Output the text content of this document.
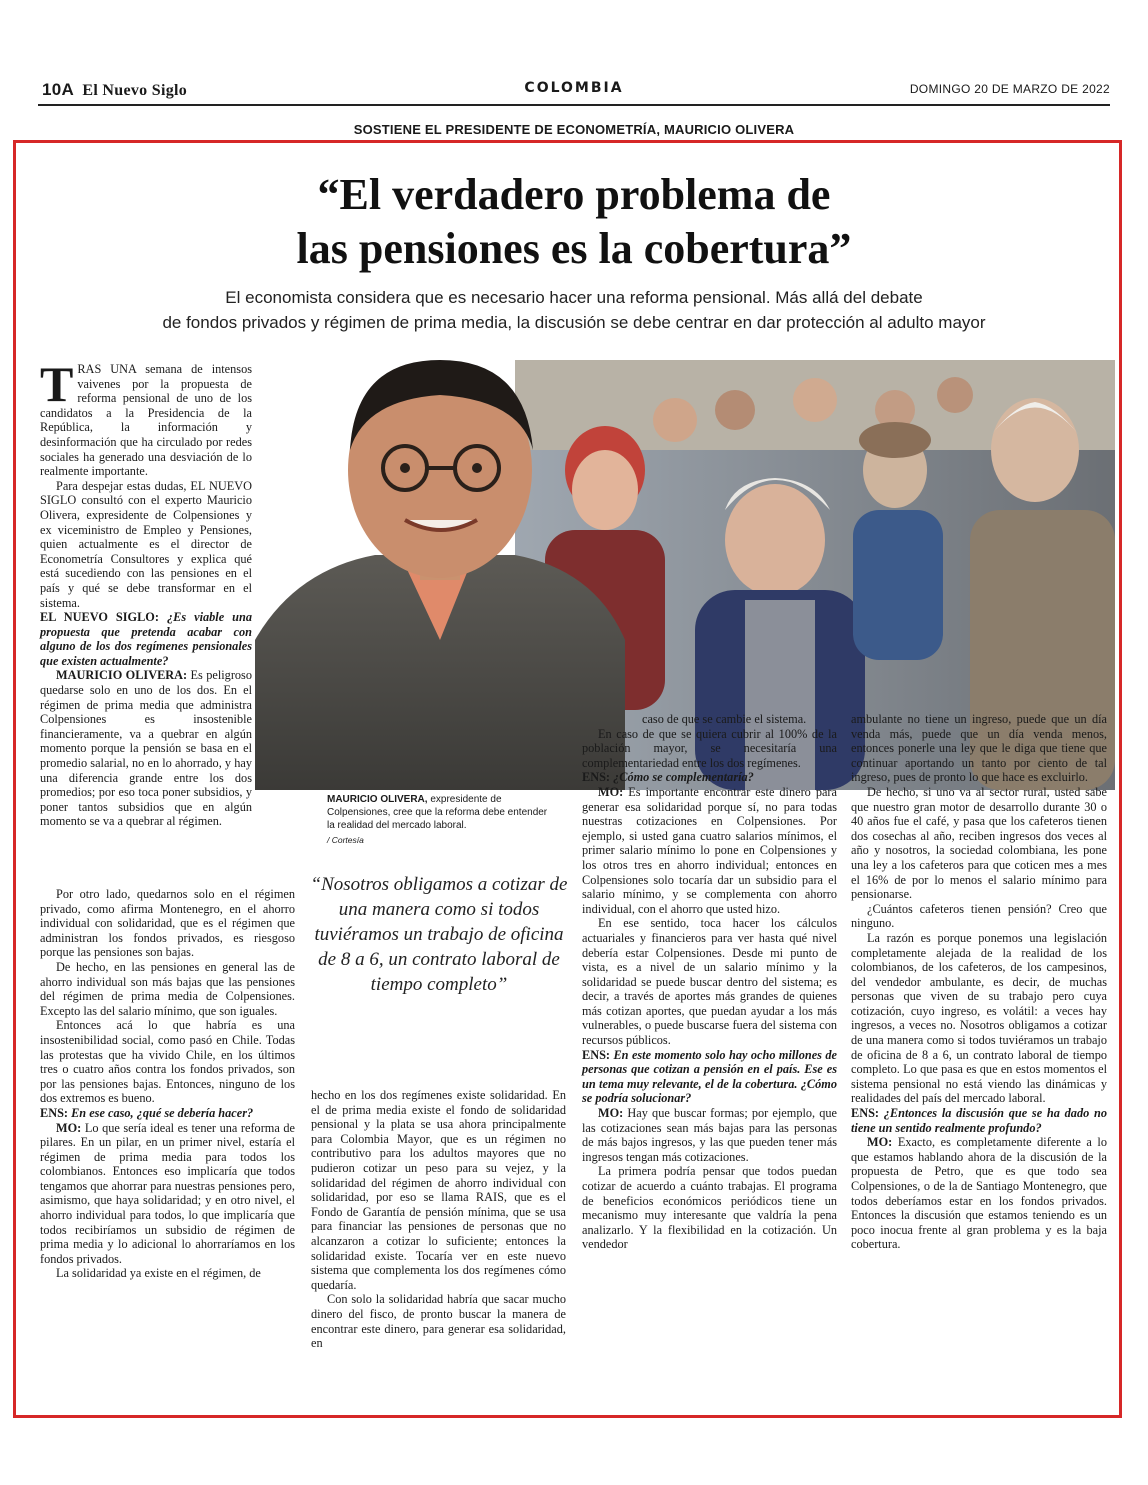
10A El Nuevo Siglo	COLOMBIA	DOMINGO 20 DE MARZO DE 2022
SOSTIENE EL PRESIDENTE DE ECONOMETRÍA, MAURICIO OLIVERA
“El verdadero problema de
las pensiones es la cobertura”
El economista considera que es necesario hacer una reforma pensional. Más allá del debate
de fondos privados y régimen de prima media, la discusión se debe centrar en dar protección al adulto mayor

TRAS UNA semana de intensos vaivenes por la propuesta de reforma pensional de uno de los candidatos a la Presidencia de la República, la información y desinformación que ha circulado por redes sociales ha generado una desviación de lo realmente importante.

Para despejar estas dudas, EL NUEVO SIGLO consultó con el experto Mauricio Olivera, expresidente de Colpensiones y ex viceministro de Empleo y Pensiones, quien actualmente es el director de Econometría Consultores y explica qué está sucediendo con las pensiones en el país y qué se debe transformar en el sistema.

EL NUEVO SIGLO: ¿Es viable una propuesta que pretenda acabar con alguno de los dos regímenes pensionales que existen actualmente?

MAURICIO OLIVERA: Es peligroso quedarse solo en uno de los dos. En el régimen de prima media que administra Colpensiones es insostenible financieramente, va a quebrar en algún momento porque la pensión se basa en el promedio salarial, no en lo ahorrado, y hay una diferencia grande entre los dos promedios; por eso toca poner subsidios, y poner tantos subsidios que en algún momento se va a quebrar al régimen.

Por otro lado, quedarnos solo en el régimen privado, como afirma Montenegro, en el ahorro individual con solidaridad, que es el régimen que administran los fondos privados, es riesgoso porque las pensiones son bajas.

De hecho, en las pensiones en general las de ahorro individual son más bajas que las pensiones del régimen de prima media de Colpensiones. Excepto las del salario mínimo, que son iguales.

Entonces acá lo que habría es una insostenibilidad social, como pasó en Chile. Todas las protestas que ha vivido Chile, en los últimos tres o cuatro años contra los fondos privados, son por las pensiones bajas. Entonces, ninguno de los dos extremos es bueno.

ENS: En ese caso, ¿qué se debería hacer?

MO: Lo que sería ideal es tener una reforma de pilares. En un pilar, en un primer nivel, estaría el régimen de prima media para todos los colombianos. Entonces eso implicaría que todos tengamos que ahorrar para nuestras pensiones pero, asimismo, que haya solidaridad; y en otro nivel, el ahorro individual para todos, lo que implicaría que todos recibiríamos un subsidio de régimen de prima media y lo adicional lo ahorraríamos en los fondos privados.

La solidaridad ya existe en el régimen, de

MAURICIO OLIVERA, expresidente de Colpensiones, cree que la reforma debe entender la realidad del mercado laboral.
/ Cortesía
“Nosotros obligamos a cotizar de una manera como si todos tuviéramos un trabajo de oficina de 8 a 6, un contrato laboral de tiempo completo”

hecho en los dos regímenes existe solidaridad. En el de prima media existe el fondo de solidaridad pensional y la plata se usa ahora principalmente para Colombia Mayor, que es un régimen no contributivo para los adultos mayores que no pudieron cotizar un peso para su vejez, y la solidaridad del régimen de ahorro individual con solidaridad, por eso se llama RAIS, que es el Fondo de Garantía de pensión mínima, que se usa para financiar las pensiones de personas que no alcanzaron a cotizar lo suficiente; entonces la solidaridad existe. Tocaría ver en este nuevo sistema que complementa los dos regímenes cómo quedaría.

Con solo la solidaridad habría que sacar mucho dinero del fisco, de pronto buscar la manera de encontrar este dinero, para generar esa solidaridad, en

caso de que se cambie el sistema.

En caso de que se quiera cubrir al 100% de la población mayor, se necesitaría una complementariedad entre los dos regímenes.

ENS: ¿Cómo se complementaría?

MO: Es importante encontrar este dinero para generar esa solidaridad porque sí, no para todas nuestras cotizaciones en Colpensiones. Por ejemplo, si usted gana cuatro salarios mínimos, el primer salario mínimo lo pone en Colpensiones y los otros tres en ahorro individual; entonces en Colpensiones solo tocaría dar un subsidio para el salario mínimo, y se complementa con ahorro individual, con el ahorro que usted hizo.

En ese sentido, toca hacer los cálculos actuariales y financieros para ver hasta qué nivel debería estar Colpensiones. Desde mi punto de vista, es a nivel de un salario mínimo y la solidaridad se puede buscar dentro del sistema; es decir, a través de aportes más grandes de quienes más cotizan aportes, que puedan ayudar a los más vulnerables, o puede buscarse fuera del sistema con recursos públicos.

ENS: En este momento solo hay ocho millones de personas que cotizan a pensión en el país. Ese es un tema muy relevante, el de la cobertura. ¿Cómo se podría solucionar?

MO: Hay que buscar formas; por ejemplo, que las cotizaciones sean más bajas para las personas de más bajos ingresos, y las que pueden tener más ingresos tengan más cotizaciones.

La primera podría pensar que todos puedan cotizar de acuerdo a cuánto trabajas. El programa de beneficios económicos periódicos tiene un mecanismo muy interesante que valdría la pena analizarlo. Y la flexibilidad en la cotización. Un vendedor

ambulante no tiene un ingreso, puede que un día venda más, puede que un día venda menos, entonces ponerle una ley que le diga que tiene que continuar aportando un tanto por ciento de tal ingreso, pues de pronto lo que hace es excluirlo.

De hecho, si uno va al sector rural, usted sabe que nuestro gran motor de desarrollo durante 30 o 40 años fue el café, y pasa que los cafeteros tienen dos cosechas al año, reciben ingresos dos veces al año y nosotros, la sociedad colombiana, les pone una ley a los cafeteros para que coticen mes a mes el 16% de por lo menos el salario mínimo para pensionarse.

¿Cuántos cafeteros tienen pensión? Creo que ninguno.

La razón es porque ponemos una legislación completamente alejada de la realidad de los colombianos, de los cafeteros, de los campesinos, del vendedor ambulante, es decir, de muchas personas que viven de su trabajo pero cuya cotización, cuyo ingreso, es volátil: a veces hay ingresos, a veces no. Nosotros obligamos a cotizar de una manera como si todos tuviéramos un trabajo de oficina de 8 a 6, un contrato laboral de tiempo completo. Lo que pasa es que en estos momentos el sistema pensional no está viendo las dinámicas y realidades del país del mercado laboral.

ENS: ¿Entonces la discusión que se ha dado no tiene un sentido realmente profundo?

MO: Exacto, es completamente diferente a lo que estamos hablando ahora de la discusión de la propuesta de Petro, que es que todo sea Colpensiones, o de la de Santiago Montenegro, que todos deberíamos estar en los fondos privados. Entonces la discusión que estamos teniendo es un poco inocua frente al gran problema y es la baja cobertura.
